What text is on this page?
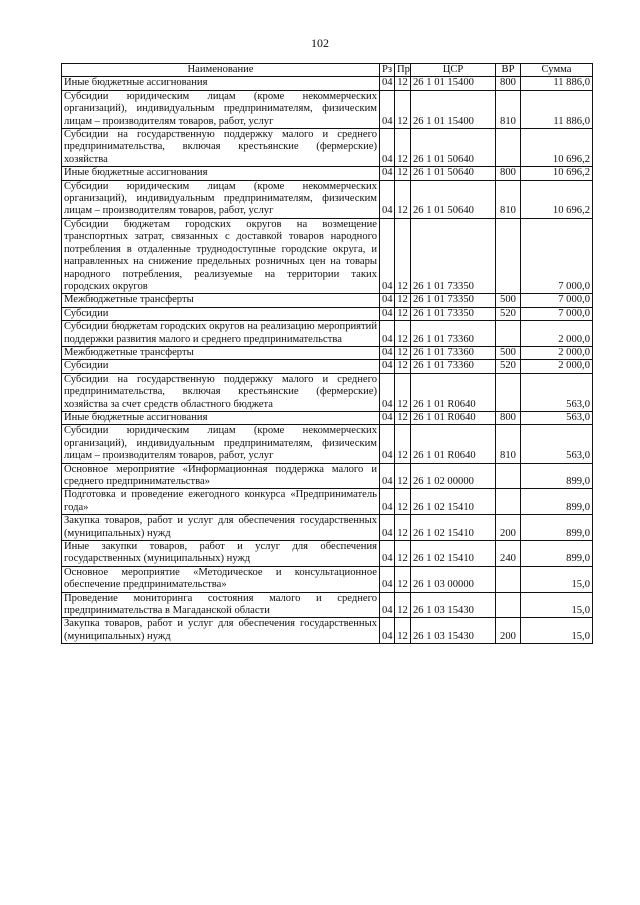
102
Наименование	Рз	Пр	ЦСР	ВР	Сумма
Иные бюджетные ассигнования	04	12	26 1 01 15400	800	11 886,0
Субсидии юридическим лицам (кроме некоммерческих организаций), индивидуальным предпринимателям, физическим лицам – производителям товаров, работ, услуг	04	12	26 1 01 15400	810	11 886,0
Субсидии на государственную поддержку малого и среднего предпринимательства, включая крестьянские (фермерские) хозяйства	04	12	26 1 01 50640		10 696,2
Иные бюджетные ассигнования	04	12	26 1 01 50640	800	10 696,2
Субсидии юридическим лицам (кроме некоммерческих организаций), индивидуальным предпринимателям, физическим лицам – производителям товаров, работ, услуг	04	12	26 1 01 50640	810	10 696,2
Субсидии бюджетам городских округов на возмещение транспортных затрат, связанных с доставкой товаров народного потребления в отдаленные труднодоступные городские округа, и направленных на снижение предельных розничных цен на товары народного потребления, реализуемые на территории таких городских округов	04	12	26 1 01 73350		7 000,0
Межбюджетные трансферты	04	12	26 1 01 73350	500	7 000,0
Субсидии	04	12	26 1 01 73350	520	7 000,0
Субсидии бюджетам городских округов на реализацию мероприятий поддержки развития малого и среднего предпринимательства	04	12	26 1 01 73360		2 000,0
Межбюджетные трансферты	04	12	26 1 01 73360	500	2 000,0
Субсидии	04	12	26 1 01 73360	520	2 000,0
Субсидии на государственную поддержку малого и среднего предпринимательства, включая крестьянские (фермерские) хозяйства за счет средств областного бюджета	04	12	26 1 01 R0640		563,0
Иные бюджетные ассигнования	04	12	26 1 01 R0640	800	563,0
Субсидии юридическим лицам (кроме некоммерческих организаций), индивидуальным предпринимателям, физическим лицам – производителям товаров, работ, услуг	04	12	26 1 01 R0640	810	563,0
Основное мероприятие «Информационная поддержка малого и среднего предпринимательства»	04	12	26 1 02 00000		899,0
Подготовка и проведение ежегодного конкурса «Предприниматель года»	04	12	26 1 02 15410		899,0
Закупка товаров, работ и услуг для обеспечения государственных (муниципальных) нужд	04	12	26 1 02 15410	200	899,0
Иные закупки товаров, работ и услуг для обеспечения государственных (муниципальных) нужд	04	12	26 1 02 15410	240	899,0
Основное мероприятие «Методическое и консультационное обеспечение предпринимательства»	04	12	26 1 03 00000		15,0
Проведение мониторинга состояния малого и среднего предпринимательства в Магаданской области	04	12	26 1 03 15430		15,0
Закупка товаров, работ и услуг для обеспечения государственных (муниципальных) нужд	04	12	26 1 03 15430	200	15,0
